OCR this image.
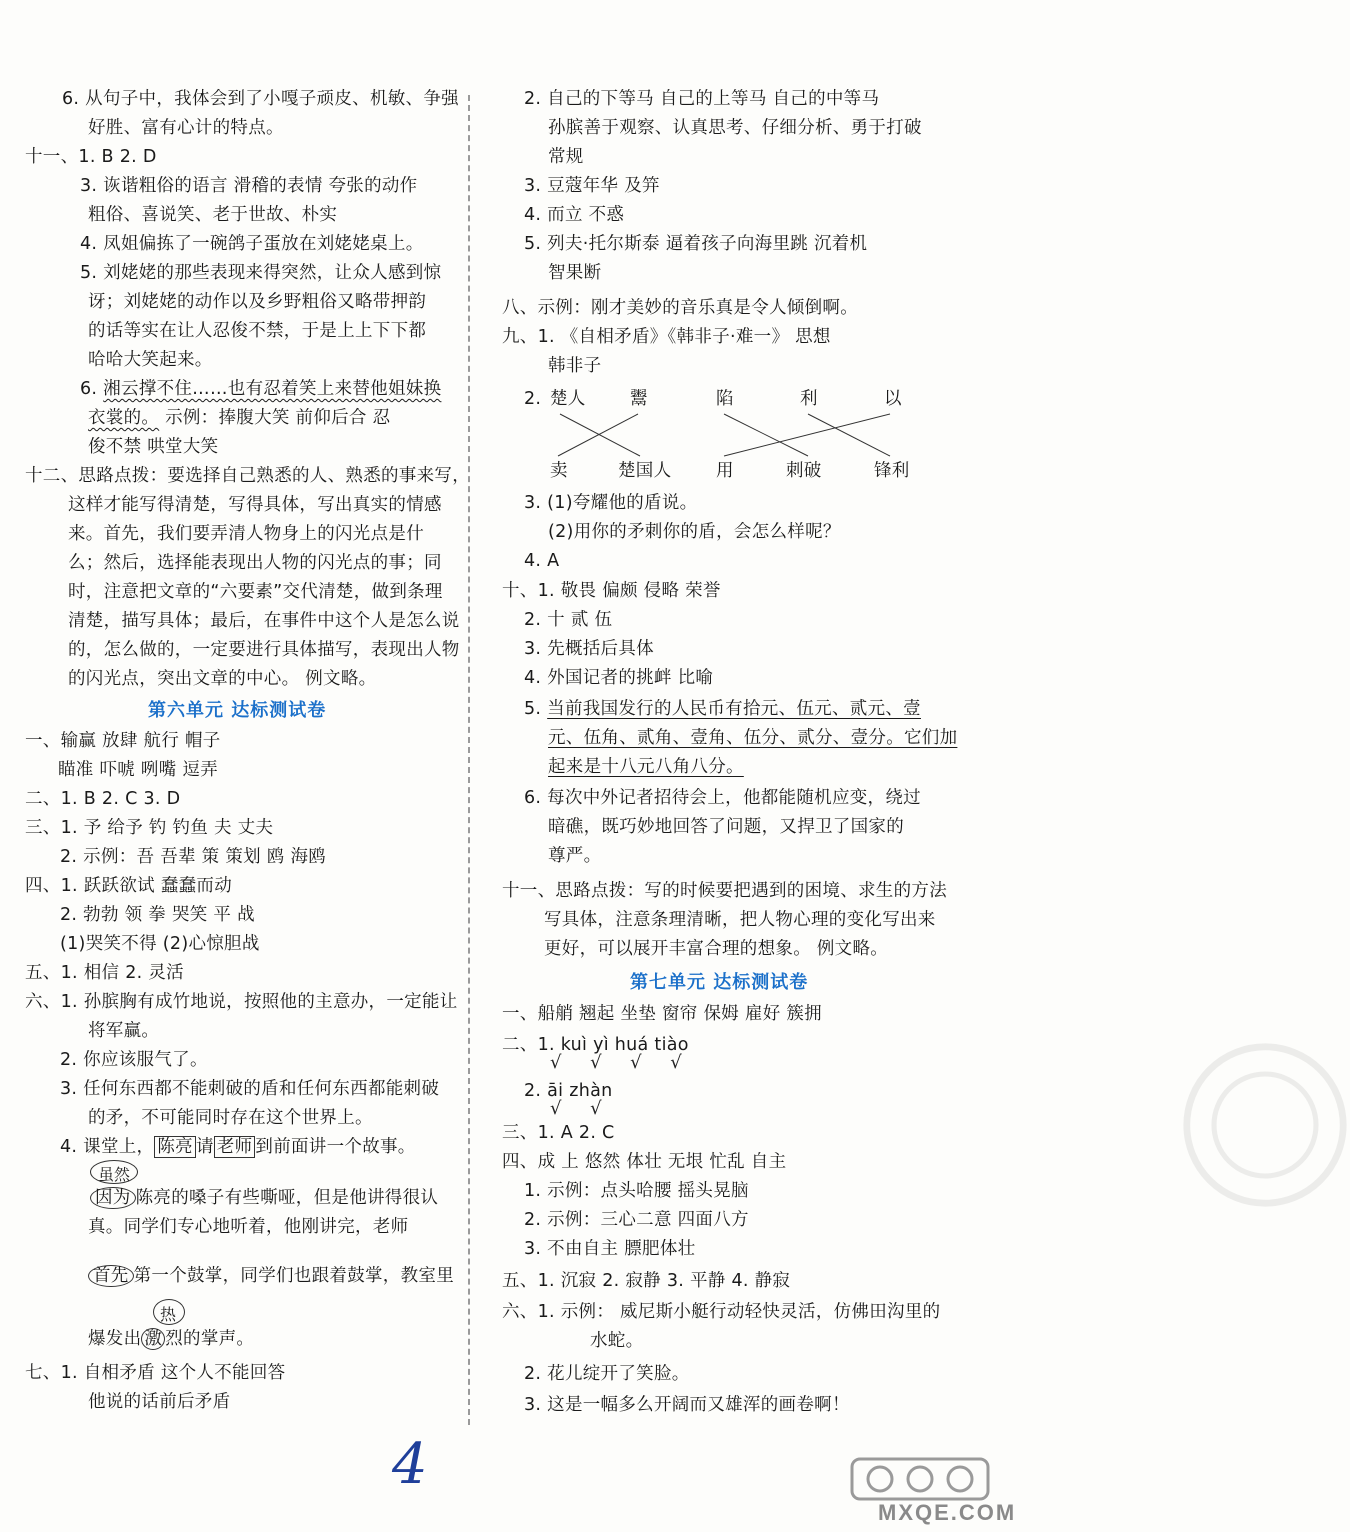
6. 从句子中，我体会到了小嘎子顽皮、机敏、争强
好胜、富有心计的特点。
十一、1. B 2. D
3. 诙谐粗俗的语言 滑稽的表情 夸张的动作
粗俗、喜说笑、老于世故、朴实
4. 凤姐偏拣了一碗鸽子蛋放在刘姥姥桌上。
5. 刘姥姥的那些表现来得突然，让众人感到惊
讶；刘姥姥的动作以及乡野粗俗又略带押韵
的话等实在让人忍俊不禁，于是上上下下都
哈哈大笑起来。
6. 湘云撑不住……也有忍着笑上来替他姐妹换
衣裳的。 示例：捧腹大笑 前仰后合 忍
俊不禁 哄堂大笑
十二、思路点拨：要选择自己熟悉的人、熟悉的事来写，
这样才能写得清楚，写得具体，写出真实的情感
来。首先，我们要弄清人物身上的闪光点是什
么；然后，选择能表现出人物的闪光点的事；同
时，注意把文章的“六要素”交代清楚，做到条理
清楚，描写具体；最后，在事件中这个人是怎么说
的，怎么做的，一定要进行具体描写，表现出人物
的闪光点，突出文章的中心。 例文略。
第六单元 达标测试卷
一、输赢 放肆 航行 帽子
瞄准 吓唬 咧嘴 逗弄
二、1. B 2. C 3. D
三、1. 予 给予 钓 钓鱼 夫 丈夫
2. 示例：吾 吾辈 策 策划 鸥 海鸥
四、1. 跃跃欲试 蠢蠢而动
2. 勃勃 领 拳 哭笑 平 战
(1)哭笑不得 (2)心惊胆战
五、1. 相信 2. 灵活
六、1. 孙膑胸有成竹地说，按照他的主意办，一定能让
将军赢。
2. 你应该服气了。
3. 任何东西都不能刺破的盾和任何东西都能刺破
的矛，不可能同时存在这个世界上。
4. 课堂上， 陈亮 请 老师 到前面讲一个故事。
虽然
因为 陈亮的嗓子有些嘶哑，但是他讲得很认
真。同学们专心地听着，他刚讲完，老师
首先 第一个鼓掌，同学们也跟着鼓掌，教室里
热
爆发出 激 烈的掌声。
七、1. 自相矛盾 这个人不能回答
他说的话前后矛盾
2. 自己的下等马 自己的上等马 自己的中等马
孙膑善于观察、认真思考、仔细分析、勇于打破
常规
3. 豆蔻年华 及笄
4. 而立 不惑
5. 列夫·托尔斯泰 逼着孩子向海里跳 沉着机
智果断
八、示例：刚才美妙的音乐真是令人倾倒啊。
九、1. 《自相矛盾》《韩非子·难一》 思想
韩非子
2. 楚人	鬻	陷	利	以
卖	楚国人	用	刺破	锋利
3. (1)夸耀他的盾说。
(2)用你的矛刺你的盾，会怎么样呢？
4. A
十、1. 敬畏 偏颇 侵略 荣誉
2. 十 贰 伍
3. 先概括后具体
4. 外国记者的挑衅 比喻
5. 当前我国发行的人民币有拾元、伍元、贰元、壹
元、伍角、贰角、壹角、伍分、贰分、壹分。它们加
起来是十八元八角八分。
6. 每次中外记者招待会上，他都能随机应变，绕过
暗礁，既巧妙地回答了问题，又捍卫了国家的
尊严。
十一、思路点拨：写的时候要把遇到的困境、求生的方法
写具体，注意条理清晰，把人物心理的变化写出来
更好，可以展开丰富合理的想象。 例文略。
第七单元 达标测试卷
一、船艄 翘起 坐垫 窗帘 保姆 雇好 簇拥
二、1. kuì yì huá tiào
√     √     √     √
2. āi zhàn
√     √
三、1. A 2. C
四、成 上 悠然 体壮 无垠 忙乱 自主
1. 示例：点头哈腰 摇头晃脑
2. 示例：三心二意 四面八方
3. 不由自主 膘肥体壮
五、1. 沉寂 2. 寂静 3. 平静 4. 静寂
六、1. 示例： 威尼斯小艇行动轻快灵活，仿佛田沟里的
水蛇。
2. 花儿绽开了笑脸。
3. 这是一幅多么开阔而又雄浑的画卷啊！
4
MXQE.COM
